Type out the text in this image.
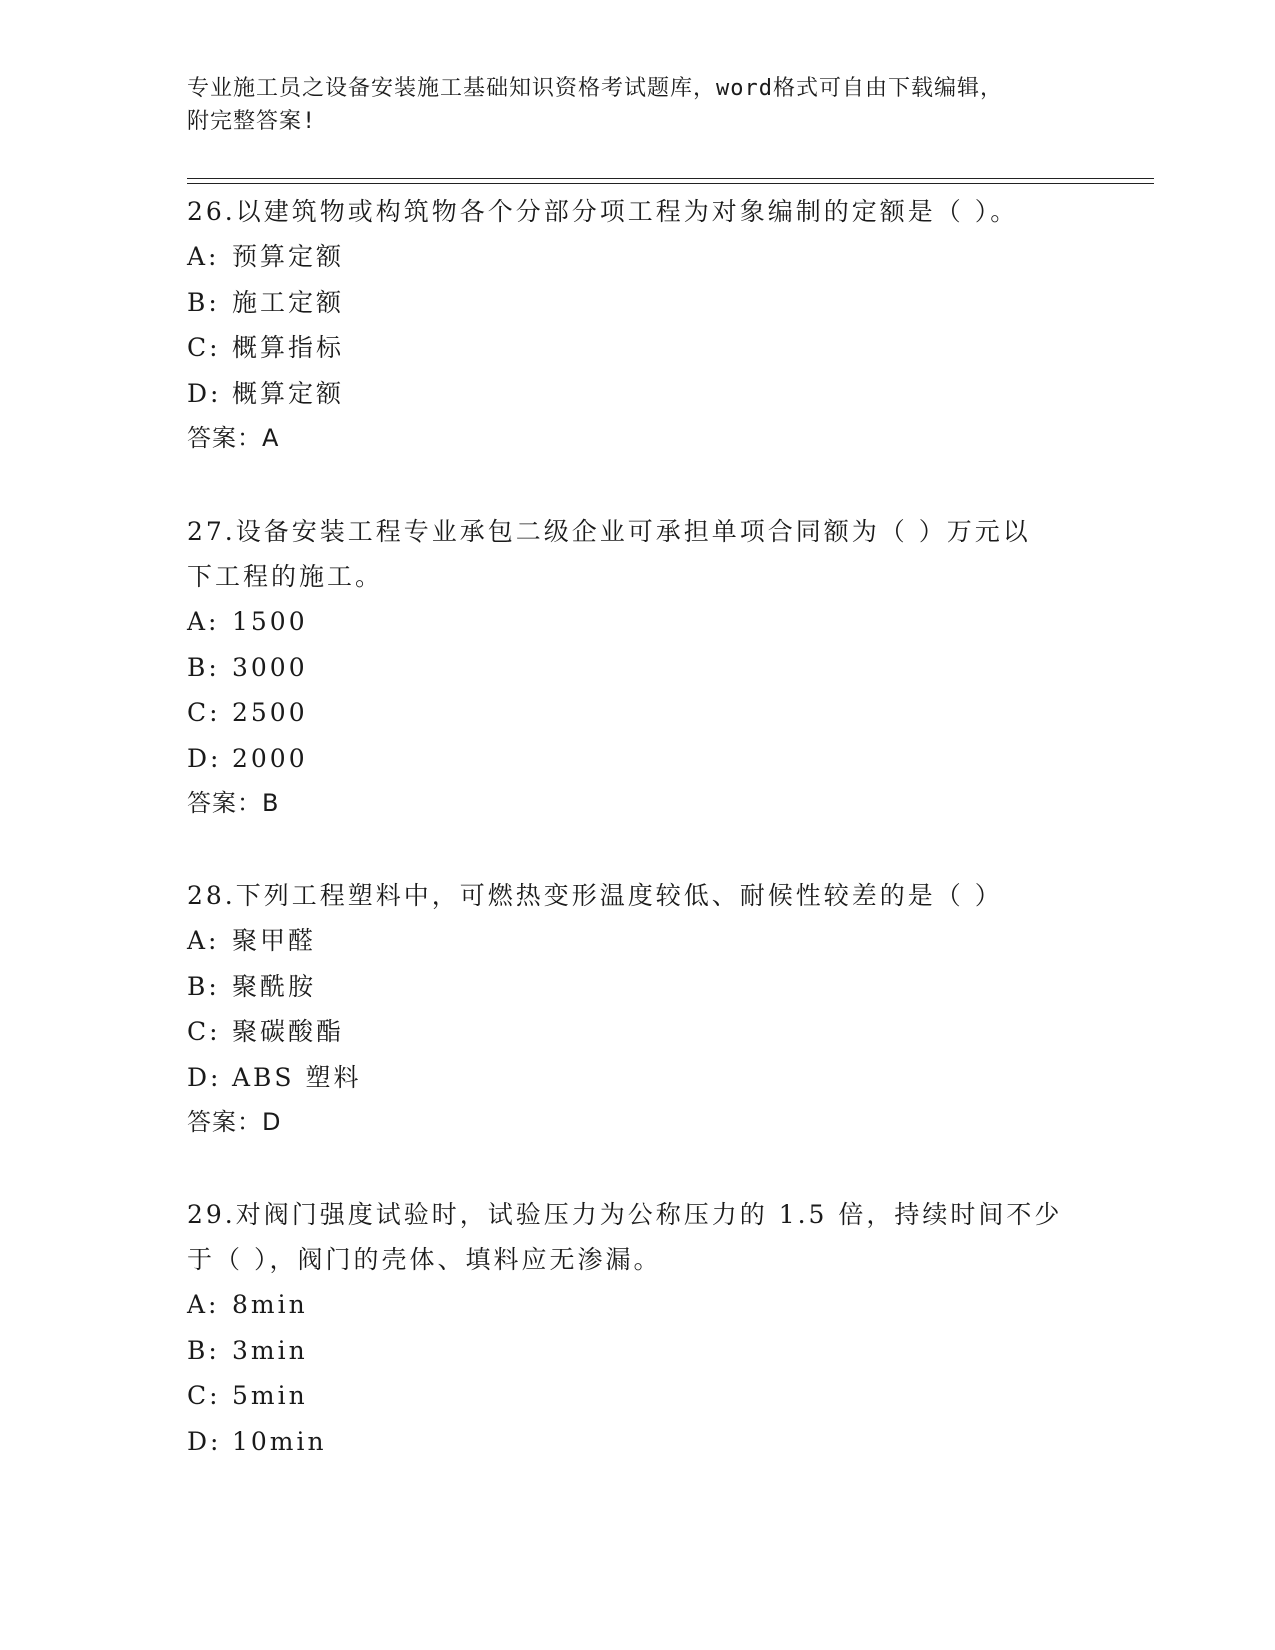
专业施工员之设备安装施工基础知识资格考试题库，word格式可自由下载编辑，
附完整答案!

26.以建筑物或构筑物各个分部分项工程为对象编制的定额是（ ）。

A: 预算定额

B: 施工定额

C: 概算指标

D: 概算定额

答案：A

27.设备安装工程专业承包二级企业可承担单项合同额为（ ）万元以

下工程的施工。

A: 1500

B: 3000

C: 2500

D: 2000

答案：B

28.下列工程塑料中，可燃热变形温度较低、耐候性较差的是（ ）

A: 聚甲醛

B: 聚酰胺

C: 聚碳酸酯

D: ABS 塑料

答案：D

29.对阀门强度试验时，试验压力为公称压力的 1.5 倍，持续时间不少

于（ ），阀门的壳体、填料应无渗漏。

A: 8min

B: 3min

C: 5min

D: 10min
